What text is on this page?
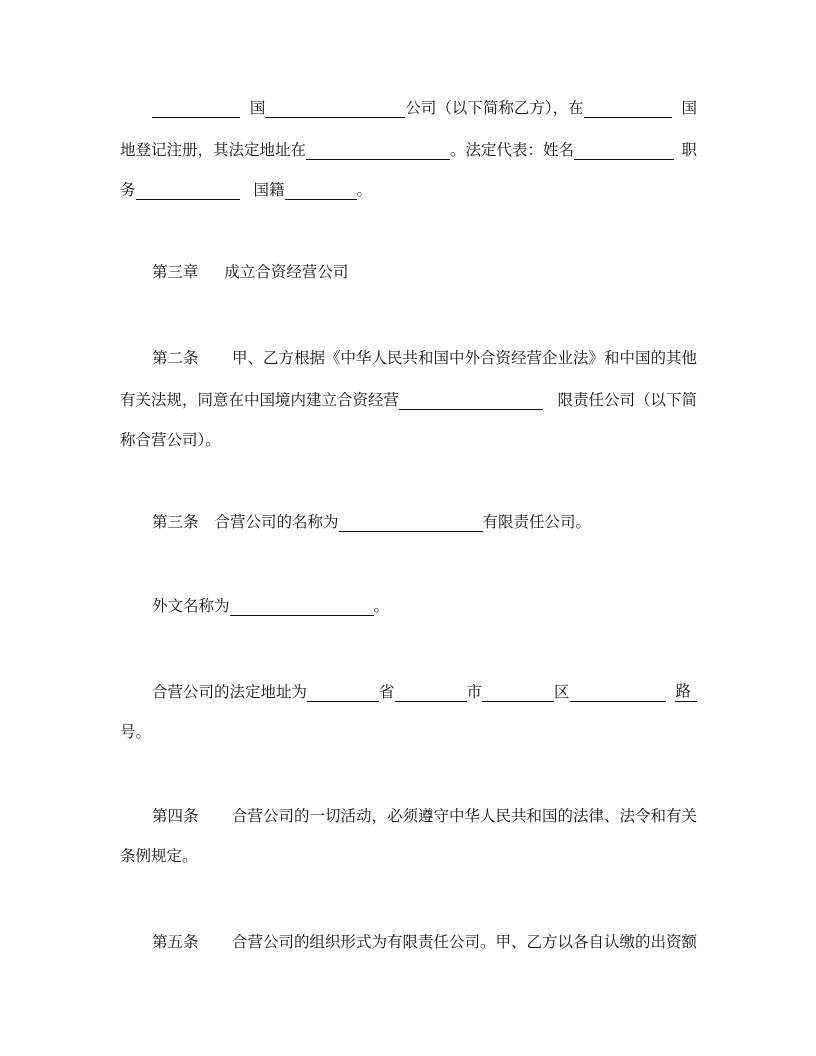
国	公司（以下简称乙方），在	国
地登记注册，其法定地址在	。法定代表：姓名	职
务	国籍	。
第三章 成立合资经营公司
第二条 甲、乙方根据《中华人民共和国中外合资经营企业法》和中国的其他
有关法规，同意在中国境内建立合资经营	限责任公司（以下简
称合营公司）。
第三条 合营公司的名称为	有限责任公司。
外文名称为	。
合营公司的法定地址为	省	市	区	路
号。
第四条 合营公司的一切活动，必须遵守中华人民共和国的法律、法令和有关
条例规定。
第五条 合营公司的组织形式为有限责任公司。甲、乙方以各自认缴的出资额
